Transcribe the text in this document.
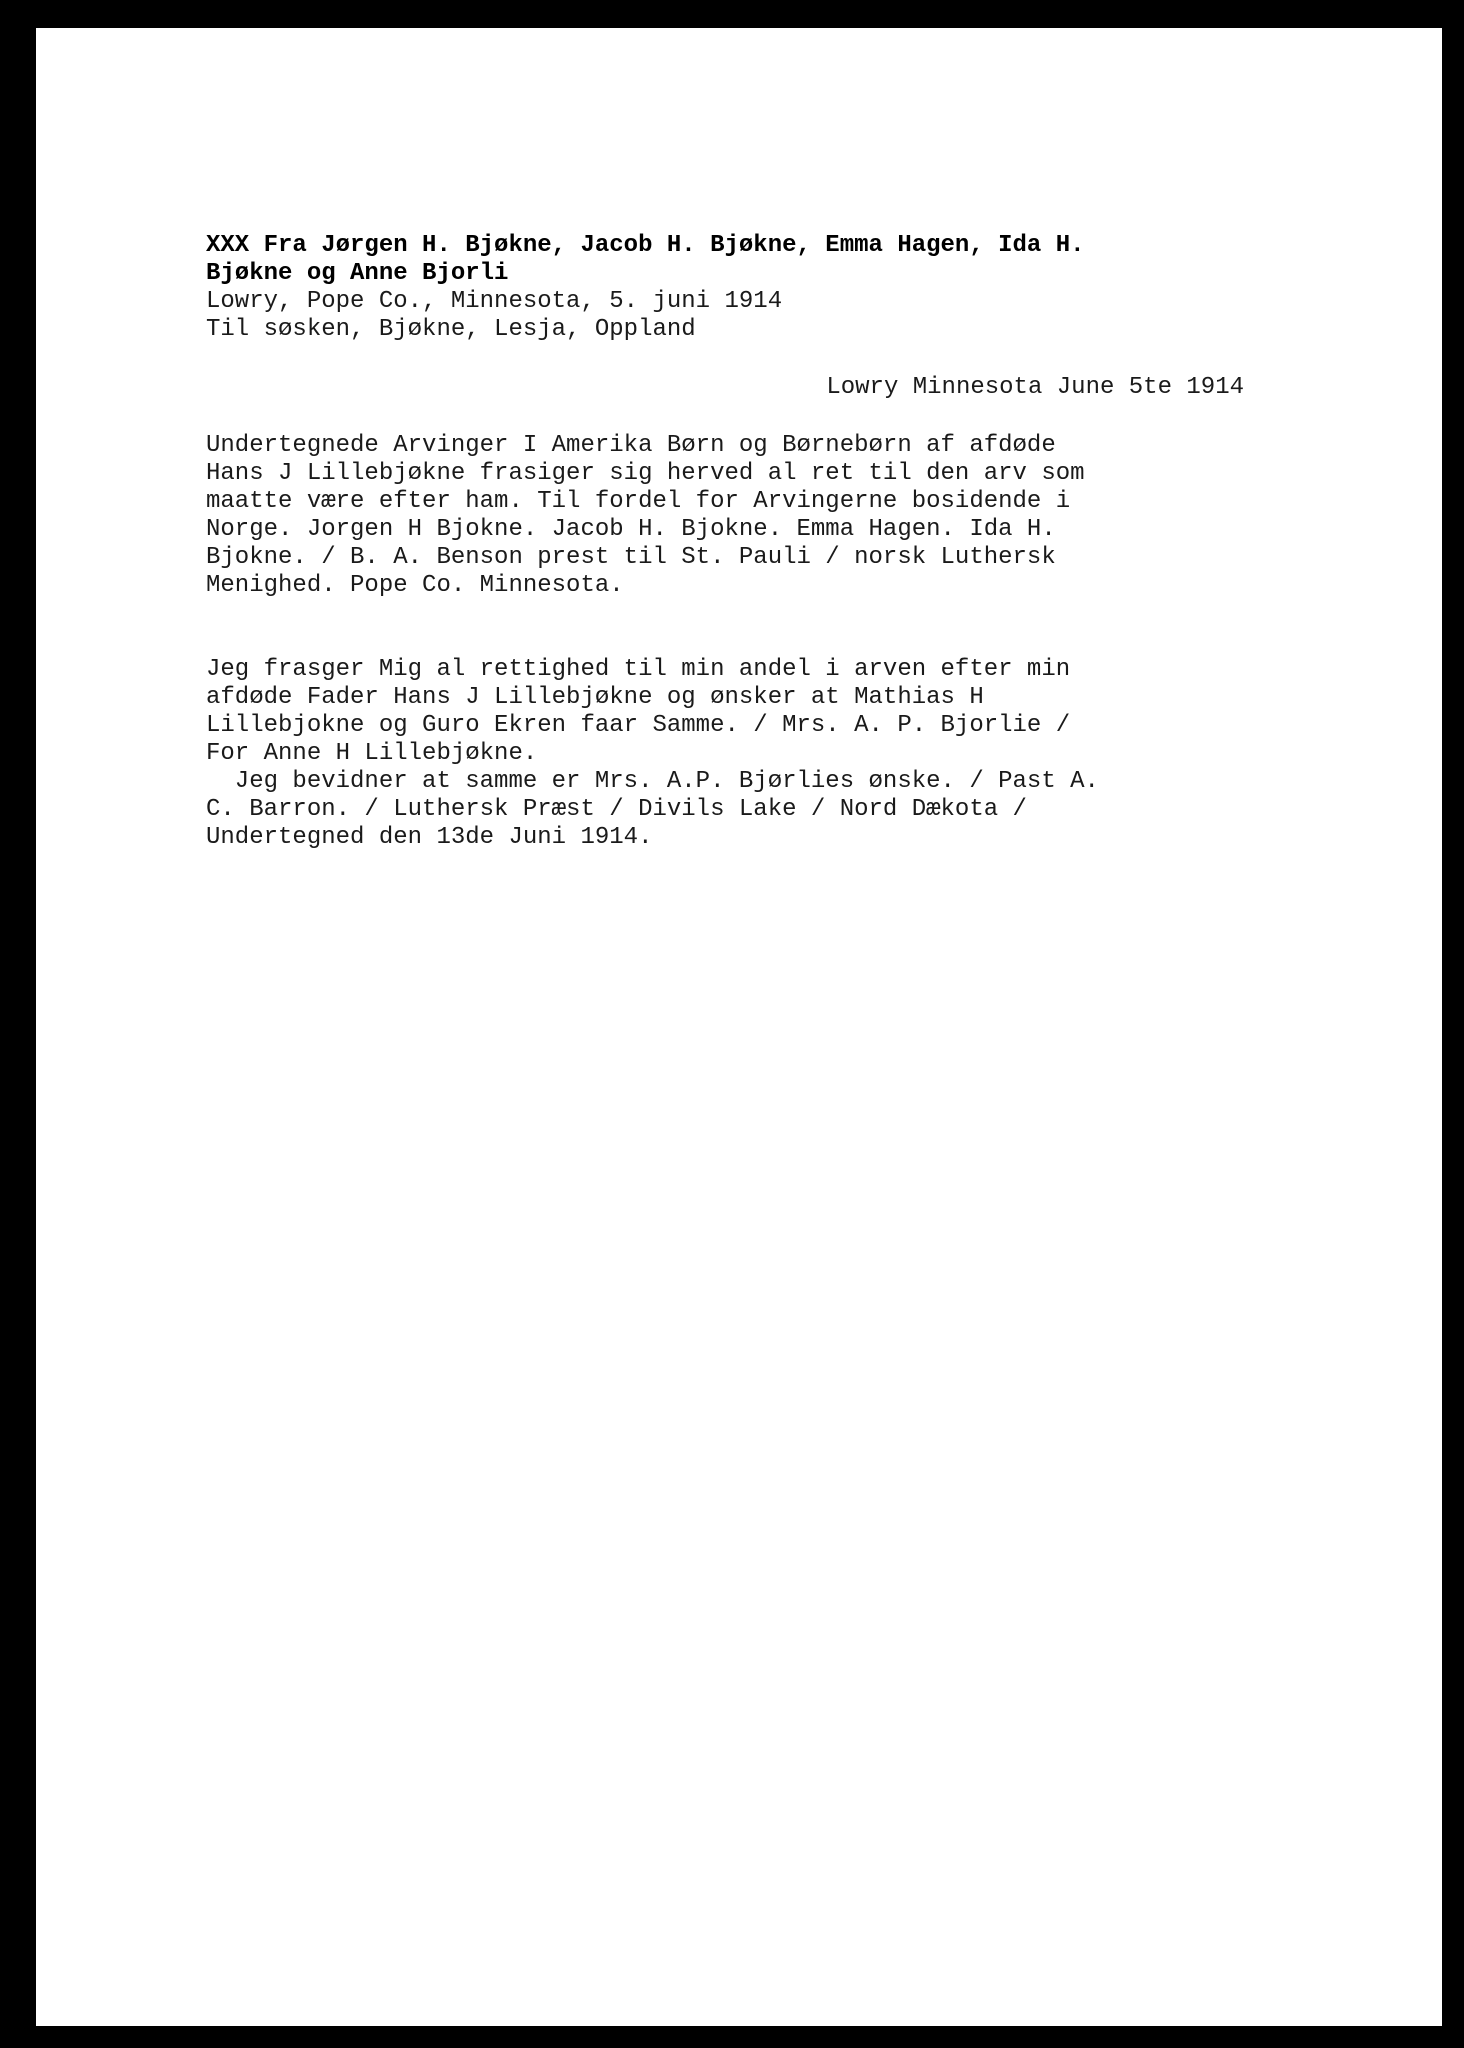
XXX Fra Jørgen H. Bjøkne, Jacob H. Bjøkne, Emma Hagen, Ida H.
Bjøkne og Anne Bjorli
Lowry, Pope Co., Minnesota, 5. juni 1914
Til søsken, Bjøkne, Lesja, Oppland
Lowry Minnesota June 5te 1914
Undertegnede Arvinger I Amerika Børn og Børnebørn af afdøde
Hans J Lillebjøkne frasiger sig herved al ret til den arv som
maatte være efter ham. Til fordel for Arvingerne bosidende i
Norge. Jorgen H Bjokne. Jacob H. Bjokne. Emma Hagen. Ida H.
Bjokne. / B. A. Benson prest til St. Pauli / norsk Luthersk
Menighed. Pope Co. Minnesota.
Jeg frasger Mig al rettighed til min andel i arven efter min
afdøde Fader Hans J Lillebjøkne og ønsker at Mathias H
Lillebjokne og Guro Ekren faar Samme. / Mrs. A. P. Bjorlie /
For Anne H Lillebjøkne.
Jeg bevidner at samme er Mrs. A.P. Bjørlies ønske. / Past A.
C. Barron. / Luthersk Præst / Divils Lake / Nord Dækota /
Undertegned den 13de Juni 1914.
